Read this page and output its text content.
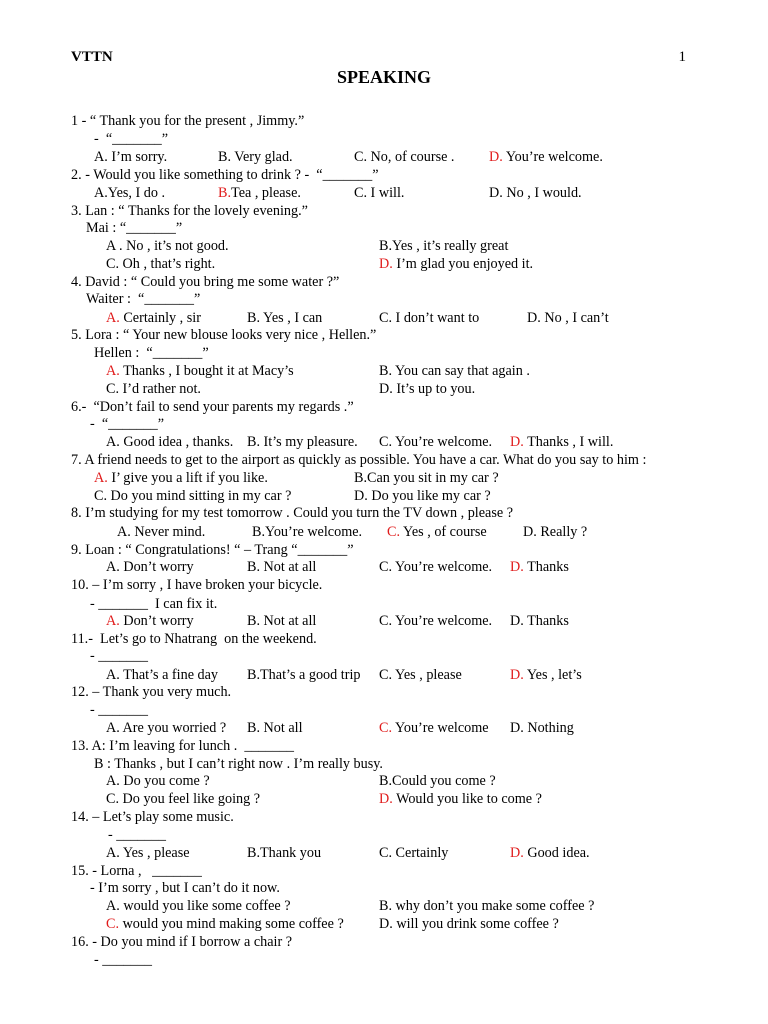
VTTN	1
SPEAKING
1 - “ Thank you for the present , Jimmy.”
-  “_______”
A. I’m sorry.	B. Very glad.	C. No, of course . D. You’re welcome.
2. - Would you like something to drink ? -  “_______”
A.Yes, I do .	B.Tea , please.	C. I will.	D. No , I would.
3. Lan : “ Thanks for the lovely evening.”
Mai : “_______”
A . No , it’s not good.	B.Yes , it’s really great
C. Oh , that’s right.	D. I’m glad you enjoyed it.
4. David : “ Could you bring me some water ?”
Waiter :  “_______”
A. Certainly , sir	B. Yes , I can	C. I don’t want to	D. No , I can’t
5. Lora : “ Your new blouse looks very nice , Hellen.”
Hellen :  “_______”
A. Thanks , I bought it at Macy’s	B. You can say that again .
C. I’d rather not.	D. It’s up to you.
6.-  “Don’t fail to send your parents my regards .”
-  “_______”
A. Good idea , thanks. B. It’s my pleasure. C. You’re welcome. D. Thanks , I will.
7. A friend needs to get to the airport as quickly as possible. You have a car. What do you say to him :
A. I’ give you a lift if you like.	B.Can you sit in my car ?
C. Do you mind sitting in my car ?	D. Do you like my car ?
8. I’m studying for my test tomorrow . Could you turn the TV down , please ?
A. Never mind.	B.You’re welcome. C. Yes , of course	D. Really ?
9. Loan : “ Congratulations! “ – Trang “_______”
A. Don’t worry	B. Not at all	C. You’re welcome. D. Thanks
10. – I’m sorry , I have broken your bicycle.
- _______  I can fix it.
A. Don’t worry	B. Not at all	C. You’re welcome. D. Thanks
11.-  Let’s go to Nhatrang  on the weekend.
- _______
A. That’s a fine day B.That’s a good trip C. Yes , please	D. Yes , let’s
12. – Thank you very much.
- _______
A. Are you worried ? B. Not all	C. You’re welcome D. Nothing
13. A: I’m leaving for lunch .  _______
B : Thanks , but I can’t right now . I’m really busy.
A. Do you come ?	B.Could you come ?
C. Do you feel like going ?	D. Would you like to come ?
14. – Let’s play some music.
- _______
A. Yes , please	B.Thank you	C. Certainly	D. Good idea.
15. - Lorna ,   _______
- I’m sorry , but I can’t do it now.
A. would you like some coffee ?	B. why don’t you make some coffee ?
C. would you mind making some coffee ? D. will you drink some coffee ?
16. - Do you mind if I borrow a chair ?
- _______
